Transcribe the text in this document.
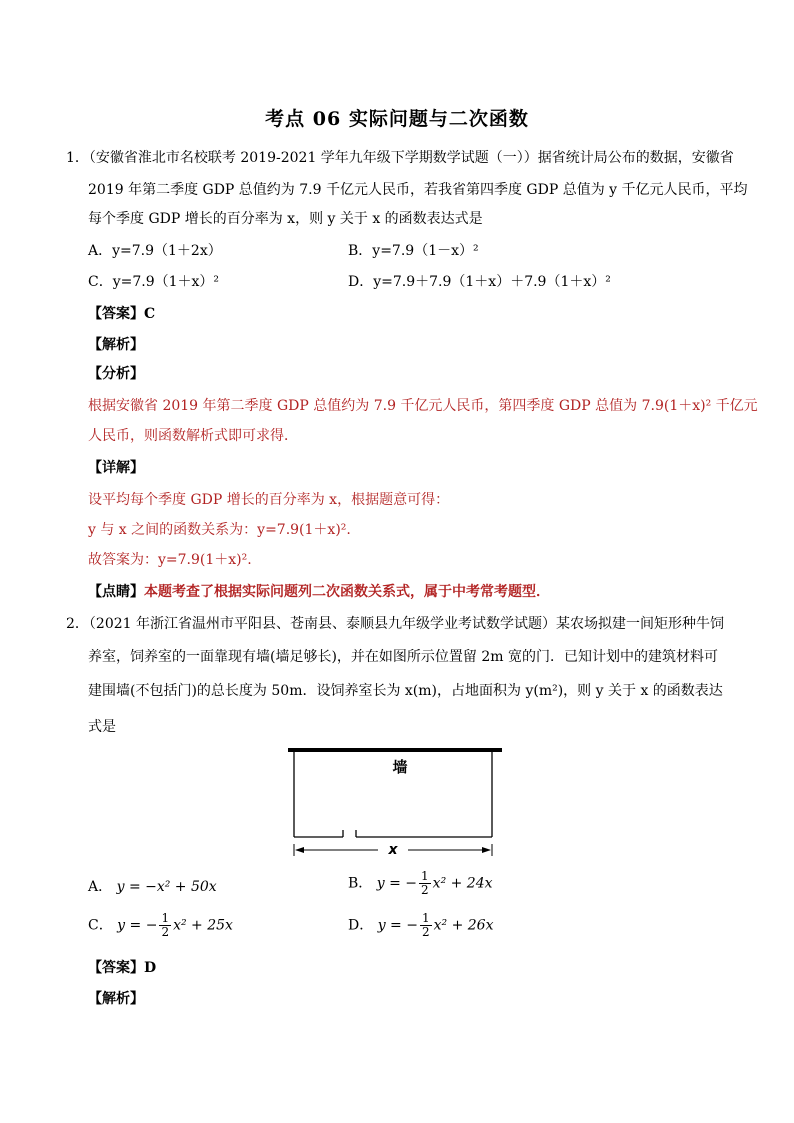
考点 06 实际问题与二次函数
1．（安徽省淮北市名校联考 2019-2021 学年九年级下学期数学试题（一））据省统计局公布的数据，安徽省
2019 年第二季度 GDP 总值约为 7.9 千亿元人民币，若我省第四季度 GDP 总值为 y 千亿元人民币，平均
每个季度 GDP 增长的百分率为 x，则 y 关于 x 的函数表达式是
A．y=7.9（1＋2x）	B．y=7.9（1－x）²
C．y=7.9（1＋x）²	D．y=7.9＋7.9（1＋x）＋7.9（1＋x）²
【答案】C
【解析】
【分析】
根据安徽省 2019 年第二季度 GDP 总值约为 7.9 千亿元人民币，第四季度 GDP 总值为 7.9(1＋x)² 千亿元
人民币，则函数解析式即可求得．
【详解】
设平均每个季度 GDP 增长的百分率为 x，根据题意可得：
y 与 x 之间的函数关系为：y=7.9(1＋x)².
故答案为：y=7.9(1＋x)².
【点睛】本题考查了根据实际问题列二次函数关系式，属于中考常考题型．
2．（2021 年浙江省温州市平阳县、苍南县、泰顺县九年级学业考试数学试题）某农场拟建一间矩形种牛饲
养室，饲养室的一面靠现有墙(墙足够长)，并在如图所示位置留 2m 宽的门．已知计划中的建筑材料可
建围墙(不包括门)的总长度为 50m．设饲养室长为 x(m)，占地面积为 y(m²)，则 y 关于 x 的函数表达
式是
墙
x
A． y = −x² + 50x	B． y = − $\frac{1}{2} x^2 + 24x$
C． y = − $\frac{1}{2} x^2 + 25x$	D． y = − $\frac{1}{2} x^2 + 26x$
【答案】D
【解析】
